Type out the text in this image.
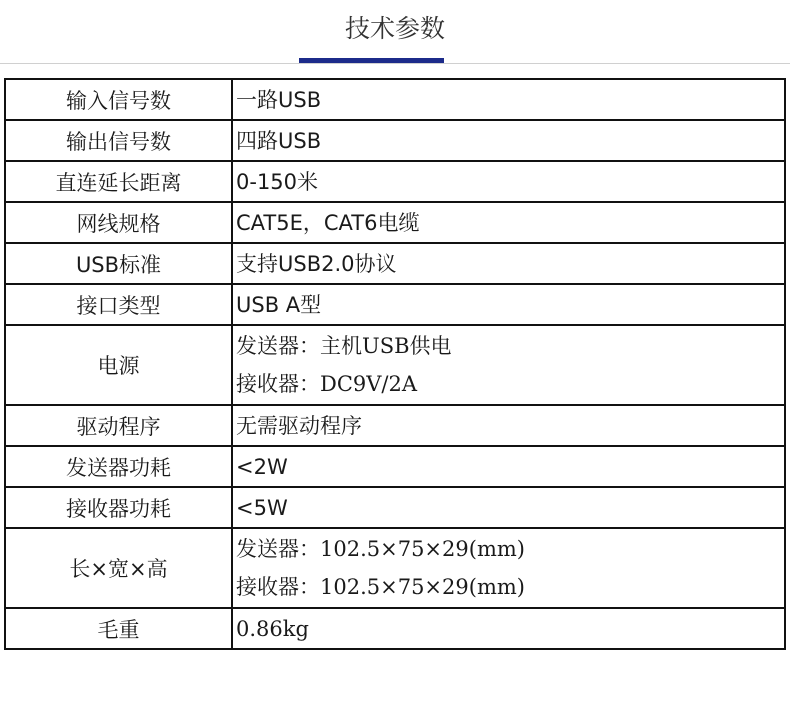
技术参数
输入信号数	一路USB

输出信号数	四路USB

直连延长距离	0-150米

网线规格	CAT5E，CAT6电缆

USB标准	支持USB2.0协议

接口类型	USB A型

电源	发送器：主机USB供电
接收器：DC9V/2A

驱动程序	无需驱动程序

发送器功耗	<2W

接收器功耗	<5W

长×宽×高	发送器：102.5×75×29(mm)
接收器：102.5×75×29(mm)

毛重	0.86kg
